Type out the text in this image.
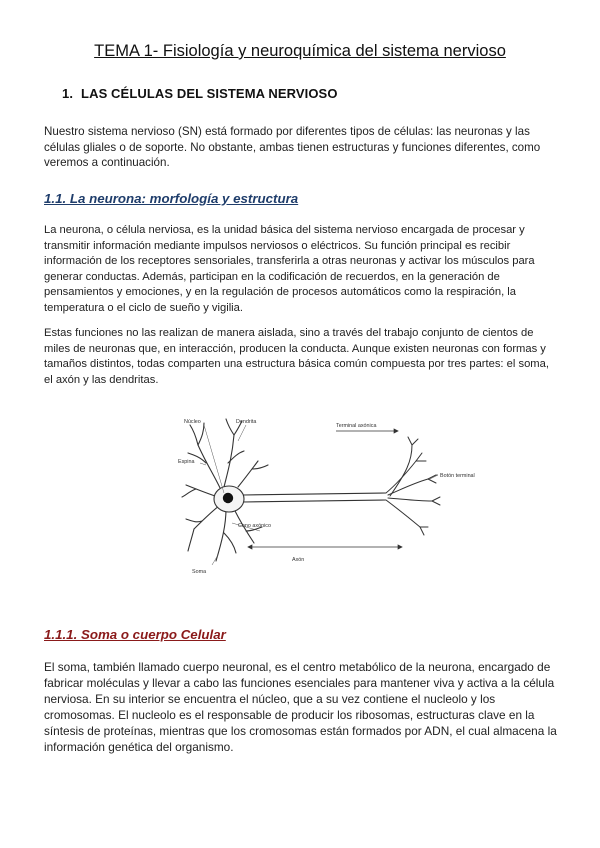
TEMA 1- Fisiología y neuroquímica del sistema nervioso
1. LAS CÉLULAS DEL SISTEMA NERVIOSO

Nuestro sistema nervioso (SN) está formado por diferentes tipos de células: las neuronas y las células gliales o de soporte. No obstante, ambas tienen estructuras y funciones diferentes, como veremos a continuación.

1.1. La neurona: morfología y estructura

La neurona, o célula nerviosa, es la unidad básica del sistema nervioso encargada de procesar y transmitir información mediante impulsos nerviosos o eléctricos. Su función principal es recibir información de los receptores sensoriales, transferirla a otras neuronas y activar los músculos para generar conductas. Además, participan en la codificación de recuerdos, en la generación de pensamientos y emociones, y en la regulación de procesos automáticos como la respiración, la temperatura o el ciclo de sueño y vigilia.

Estas funciones no las realizan de manera aislada, sino a través del trabajo conjunto de cientos de miles de neuronas que, en interacción, producen la conducta. Aunque existen neuronas con formas y tamaños distintos, todas comparten una estructura básica común compuesta por tres partes: el soma, el axón y las dendritas.

Núcleo	Dendrita
Terminal axónica
Espina
Botón terminal
Cono axónico
Axón
Soma
1.1.1. Soma o cuerpo Celular

El soma, también llamado cuerpo neuronal, es el centro metabólico de la neurona, encargado de fabricar moléculas y llevar a cabo las funciones esenciales para mantener viva y activa a la célula nerviosa. En su interior se encuentra el núcleo, que a su vez contiene el nucleolo y los cromosomas. El nucleolo es el responsable de producir los ribosomas, estructuras clave en la síntesis de proteínas, mientras que los cromosomas están formados por ADN, el cual almacena la información genética del organismo.
